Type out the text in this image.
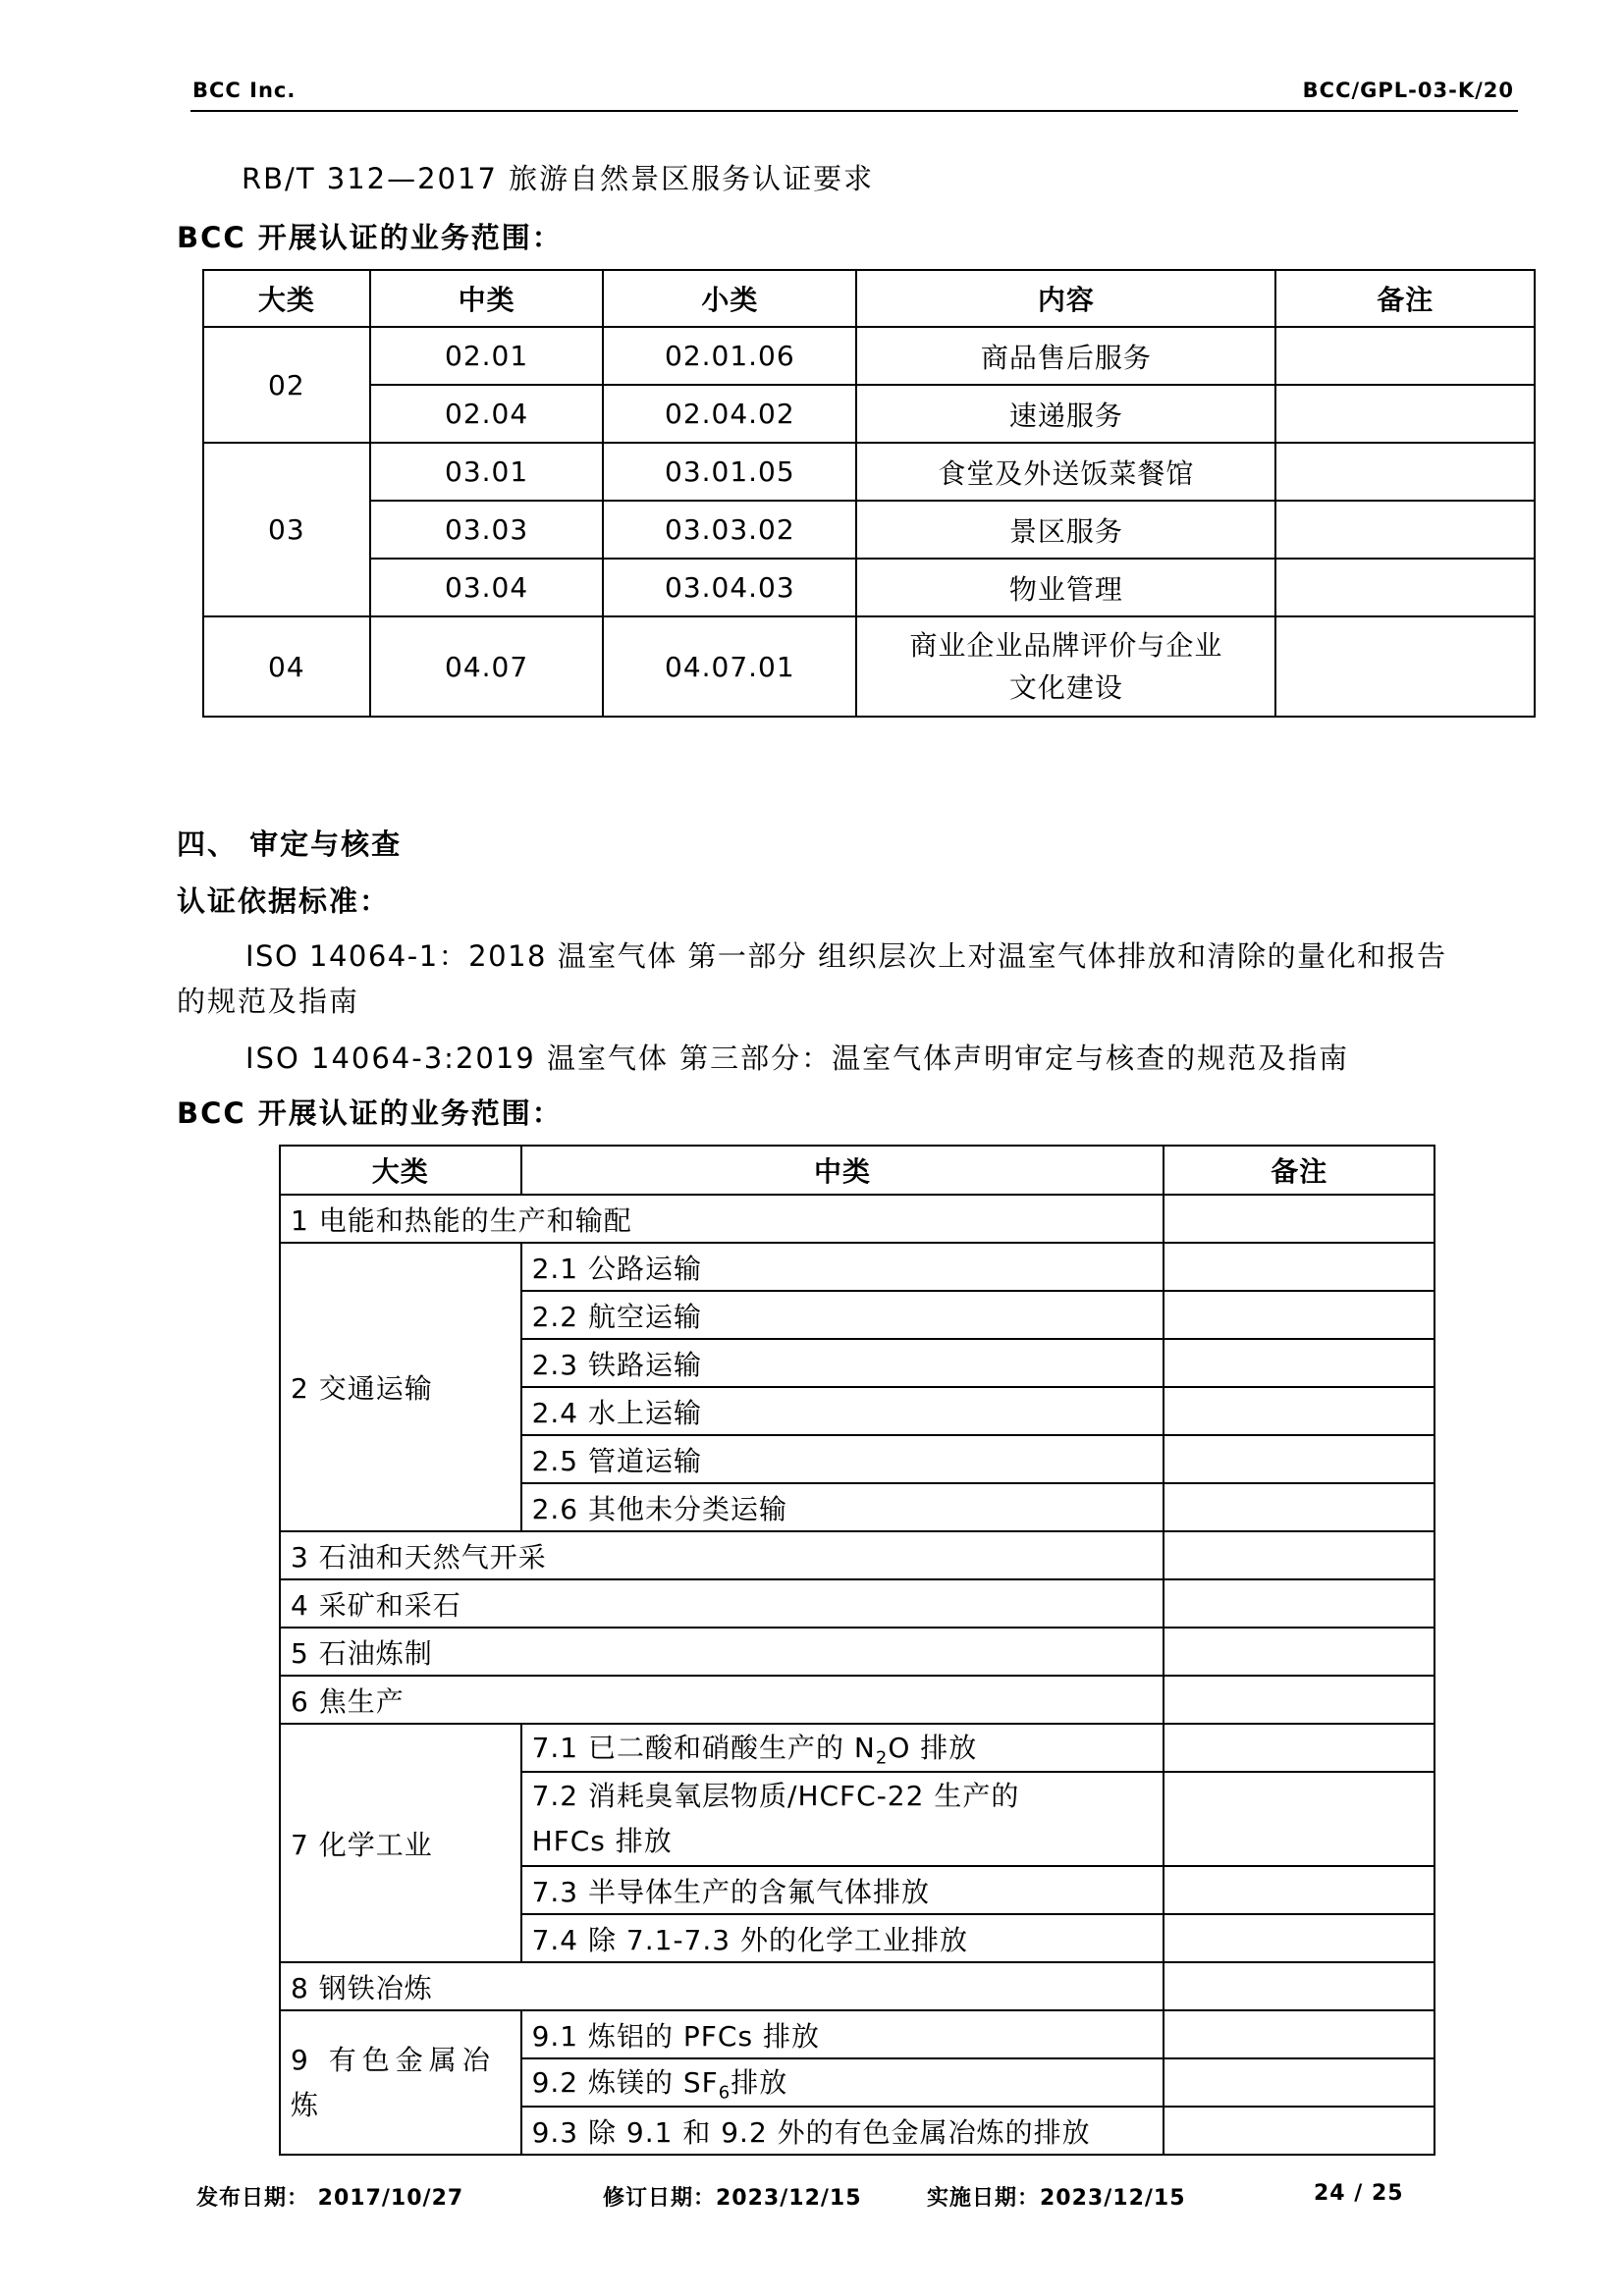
BCC Inc.	BCC/GPL-03-K/20
RB/T 312—2017 旅游自然景区服务认证要求
BCC 开展认证的业务范围：
大类	中类	小类	内容	备注
02	02.01	02.01.06	商品售后服务	
	02.04	02.04.02	速递服务	
03	03.01	03.01.05	食堂及外送饭菜餐馆	
	03.03	03.03.02	景区服务	
	03.04	03.04.03	物业管理	
04	04.07	04.07.01	商业企业品牌评价与企业
文化建设	

四、 审定与核查
认证依据标准：
ISO 14064-1：2018 温室气体 第一部分 组织层次上对温室气体排放和清除的量化和报告
的规范及指南
ISO 14064-3:2019 温室气体 第三部分：温室气体声明审定与核查的规范及指南
BCC 开展认证的业务范围：
大类	中类	备注
1 电能和热能的生产和输配		
2 交通运输	2.1 公路运输	
	2.2 航空运输	
	2.3 铁路运输	
	2.4 水上运输	
	2.5 管道运输	
	2.6 其他未分类运输	
3 石油和天然气开采		
4 采矿和采石		
5 石油炼制		
6 焦生产		
7 化学工业	7.1 已二酸和硝酸生产的 $N_2O$ 排放	

	7.2 消耗臭氧层物质/HCFC-22 生产的
HFCs 排放	

	7.3 半导体生产的含氟气体排放	
	7.4 除 7.1-7.3 外的化学工业排放	
8 钢铁冶炼		

9 有色金属冶
炼	9.1 炼铝的 PFCs 排放	
	9.2 炼镁的 $SF_6$排放	
	9.3 除 9.1 和 9.2 外的有色金属冶炼的排放	
发布日期： 2017/10/27	修订日期：2023/12/15	实施日期：2023/12/15	24 / 25
